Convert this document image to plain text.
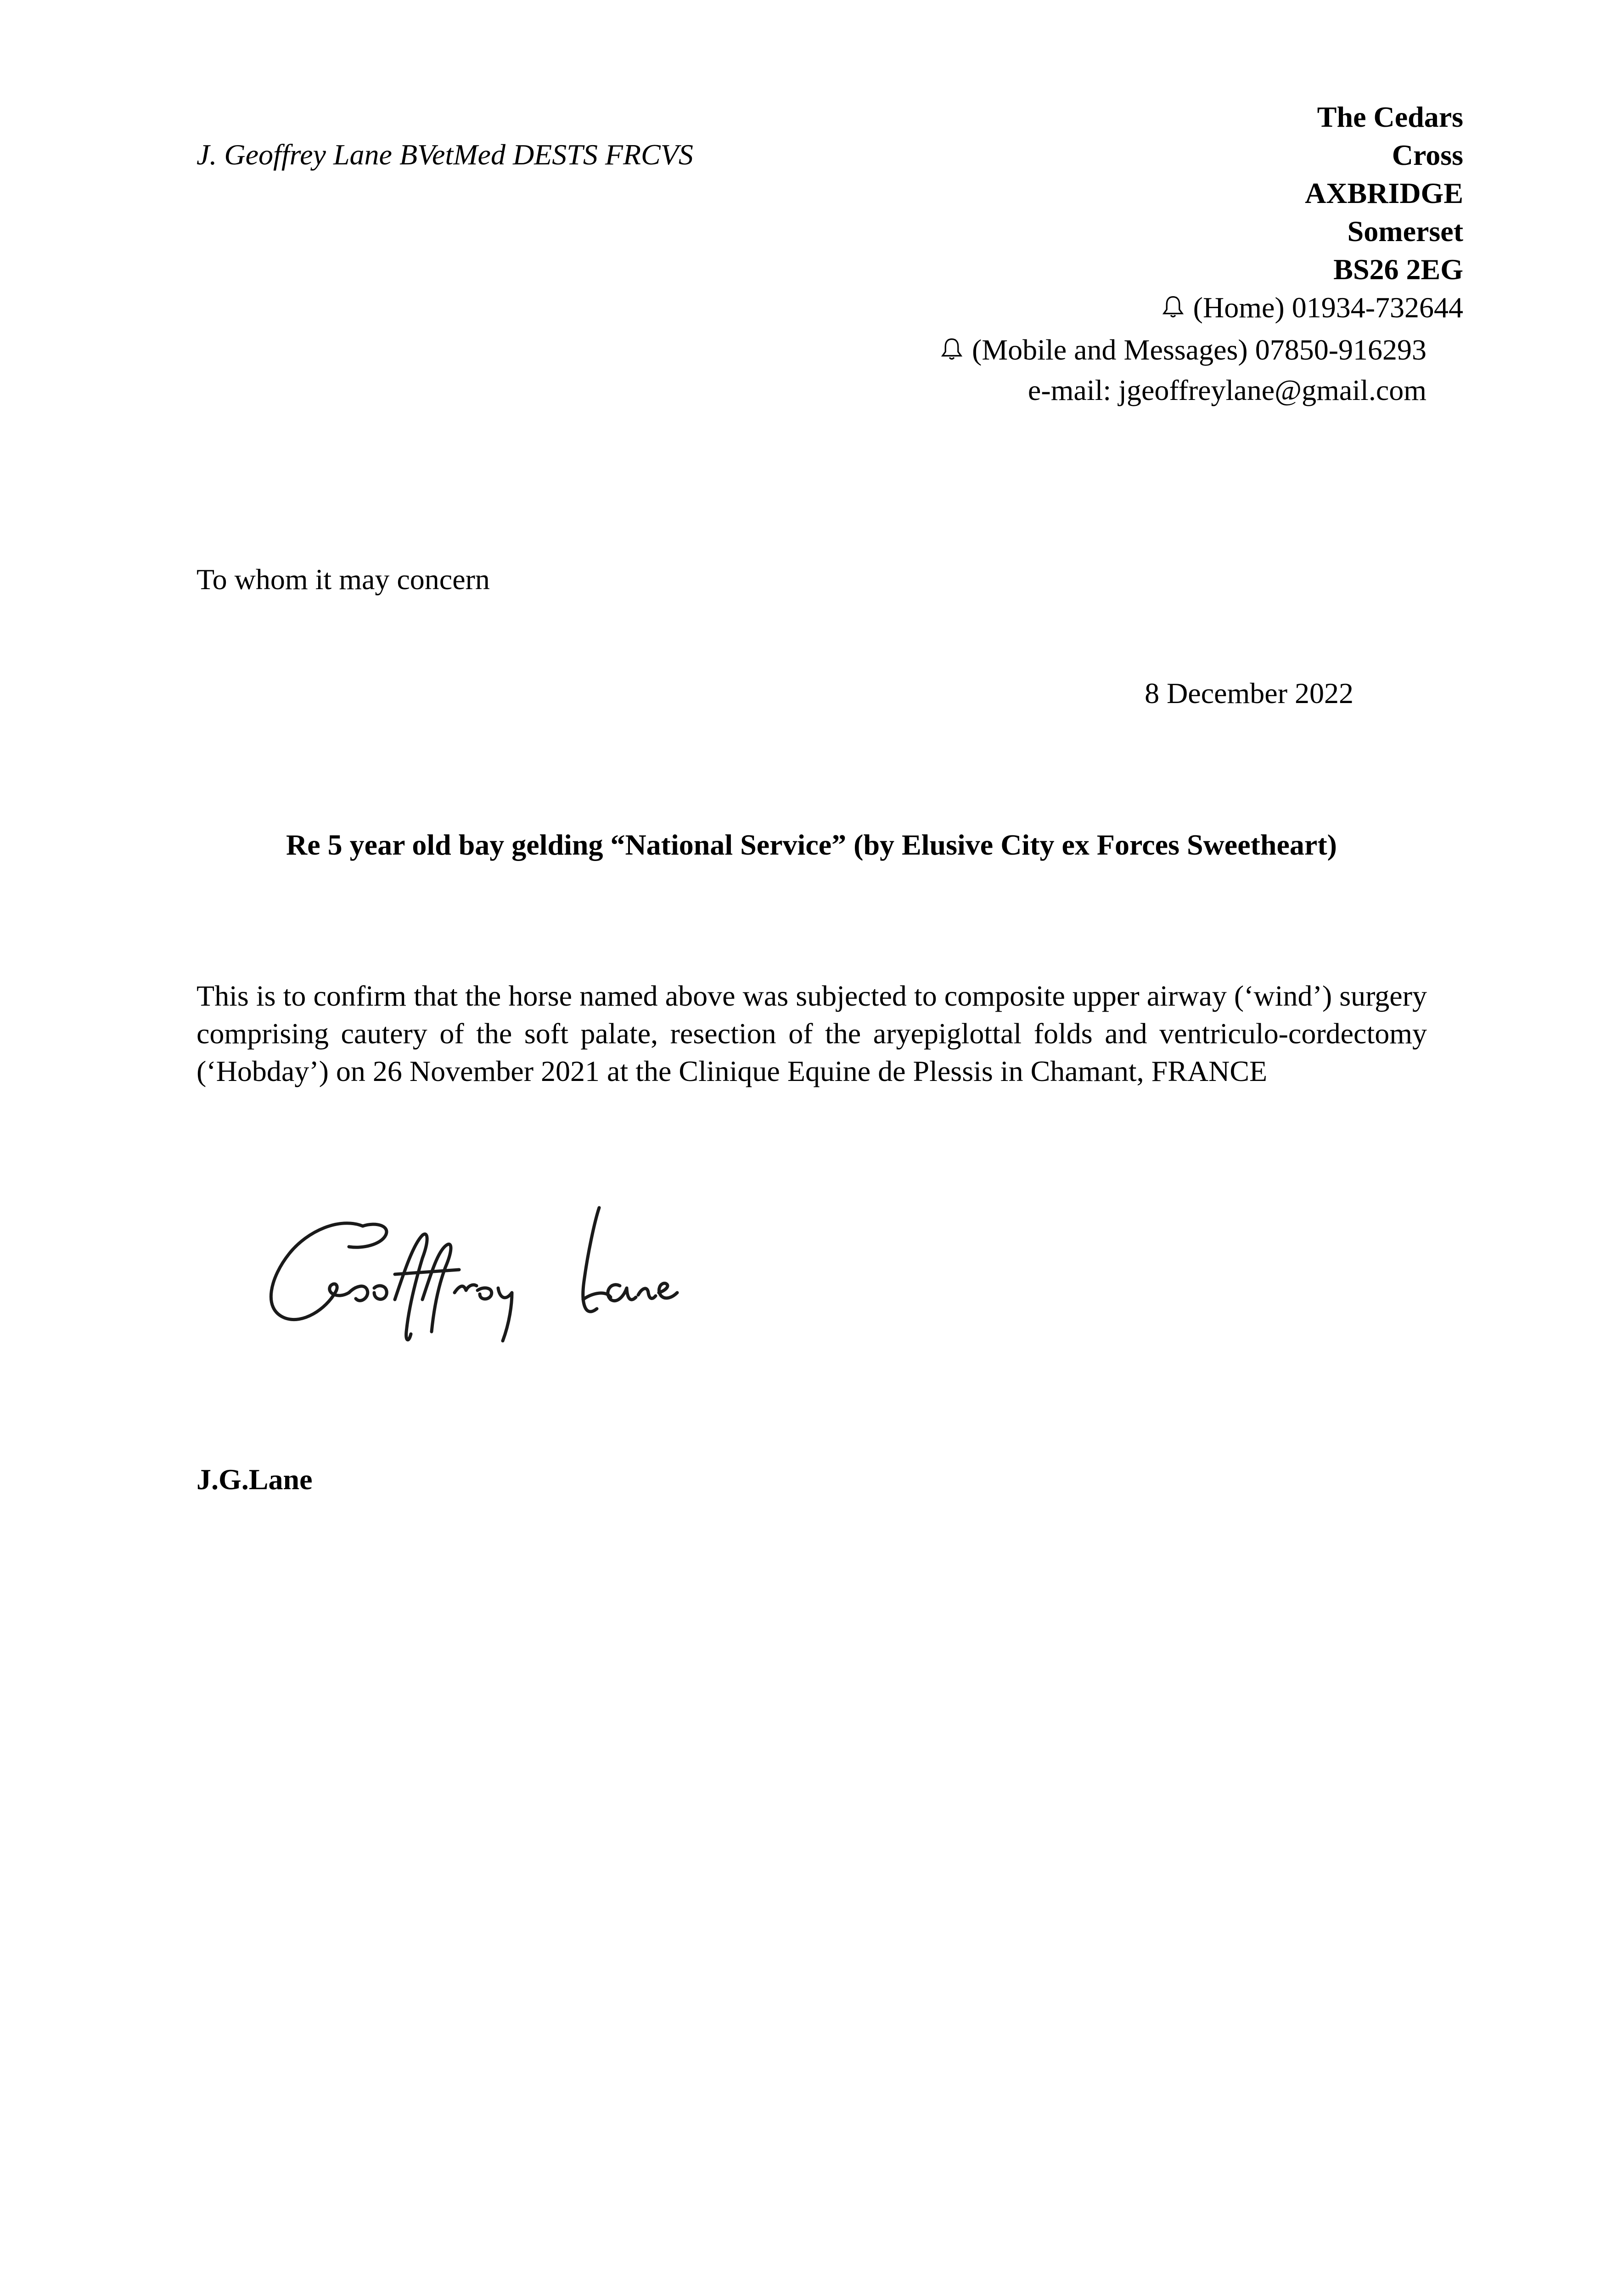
J. Geoffrey Lane BVetMed DESTS FRCVS
The Cedars
Cross
AXBRIDGE
Somerset
BS26 2EG
(Home) 01934-732644
(Mobile and Messages) 07850-916293
e-mail: jgeoffreylane@gmail.com
To whom it may concern
8 December 2022
Re 5 year old bay gelding “National Service” (by Elusive City ex Forces Sweetheart)
This is to confirm that the horse named above was subjected to composite upper airway (‘wind’) surgery comprising cautery of the soft palate, resection of the aryepiglottal folds and ventriculo-cordectomy (‘Hobday’) on 26 November 2021 at the Clinique Equine de Plessis in Chamant, FRANCE
J.G.Lane
